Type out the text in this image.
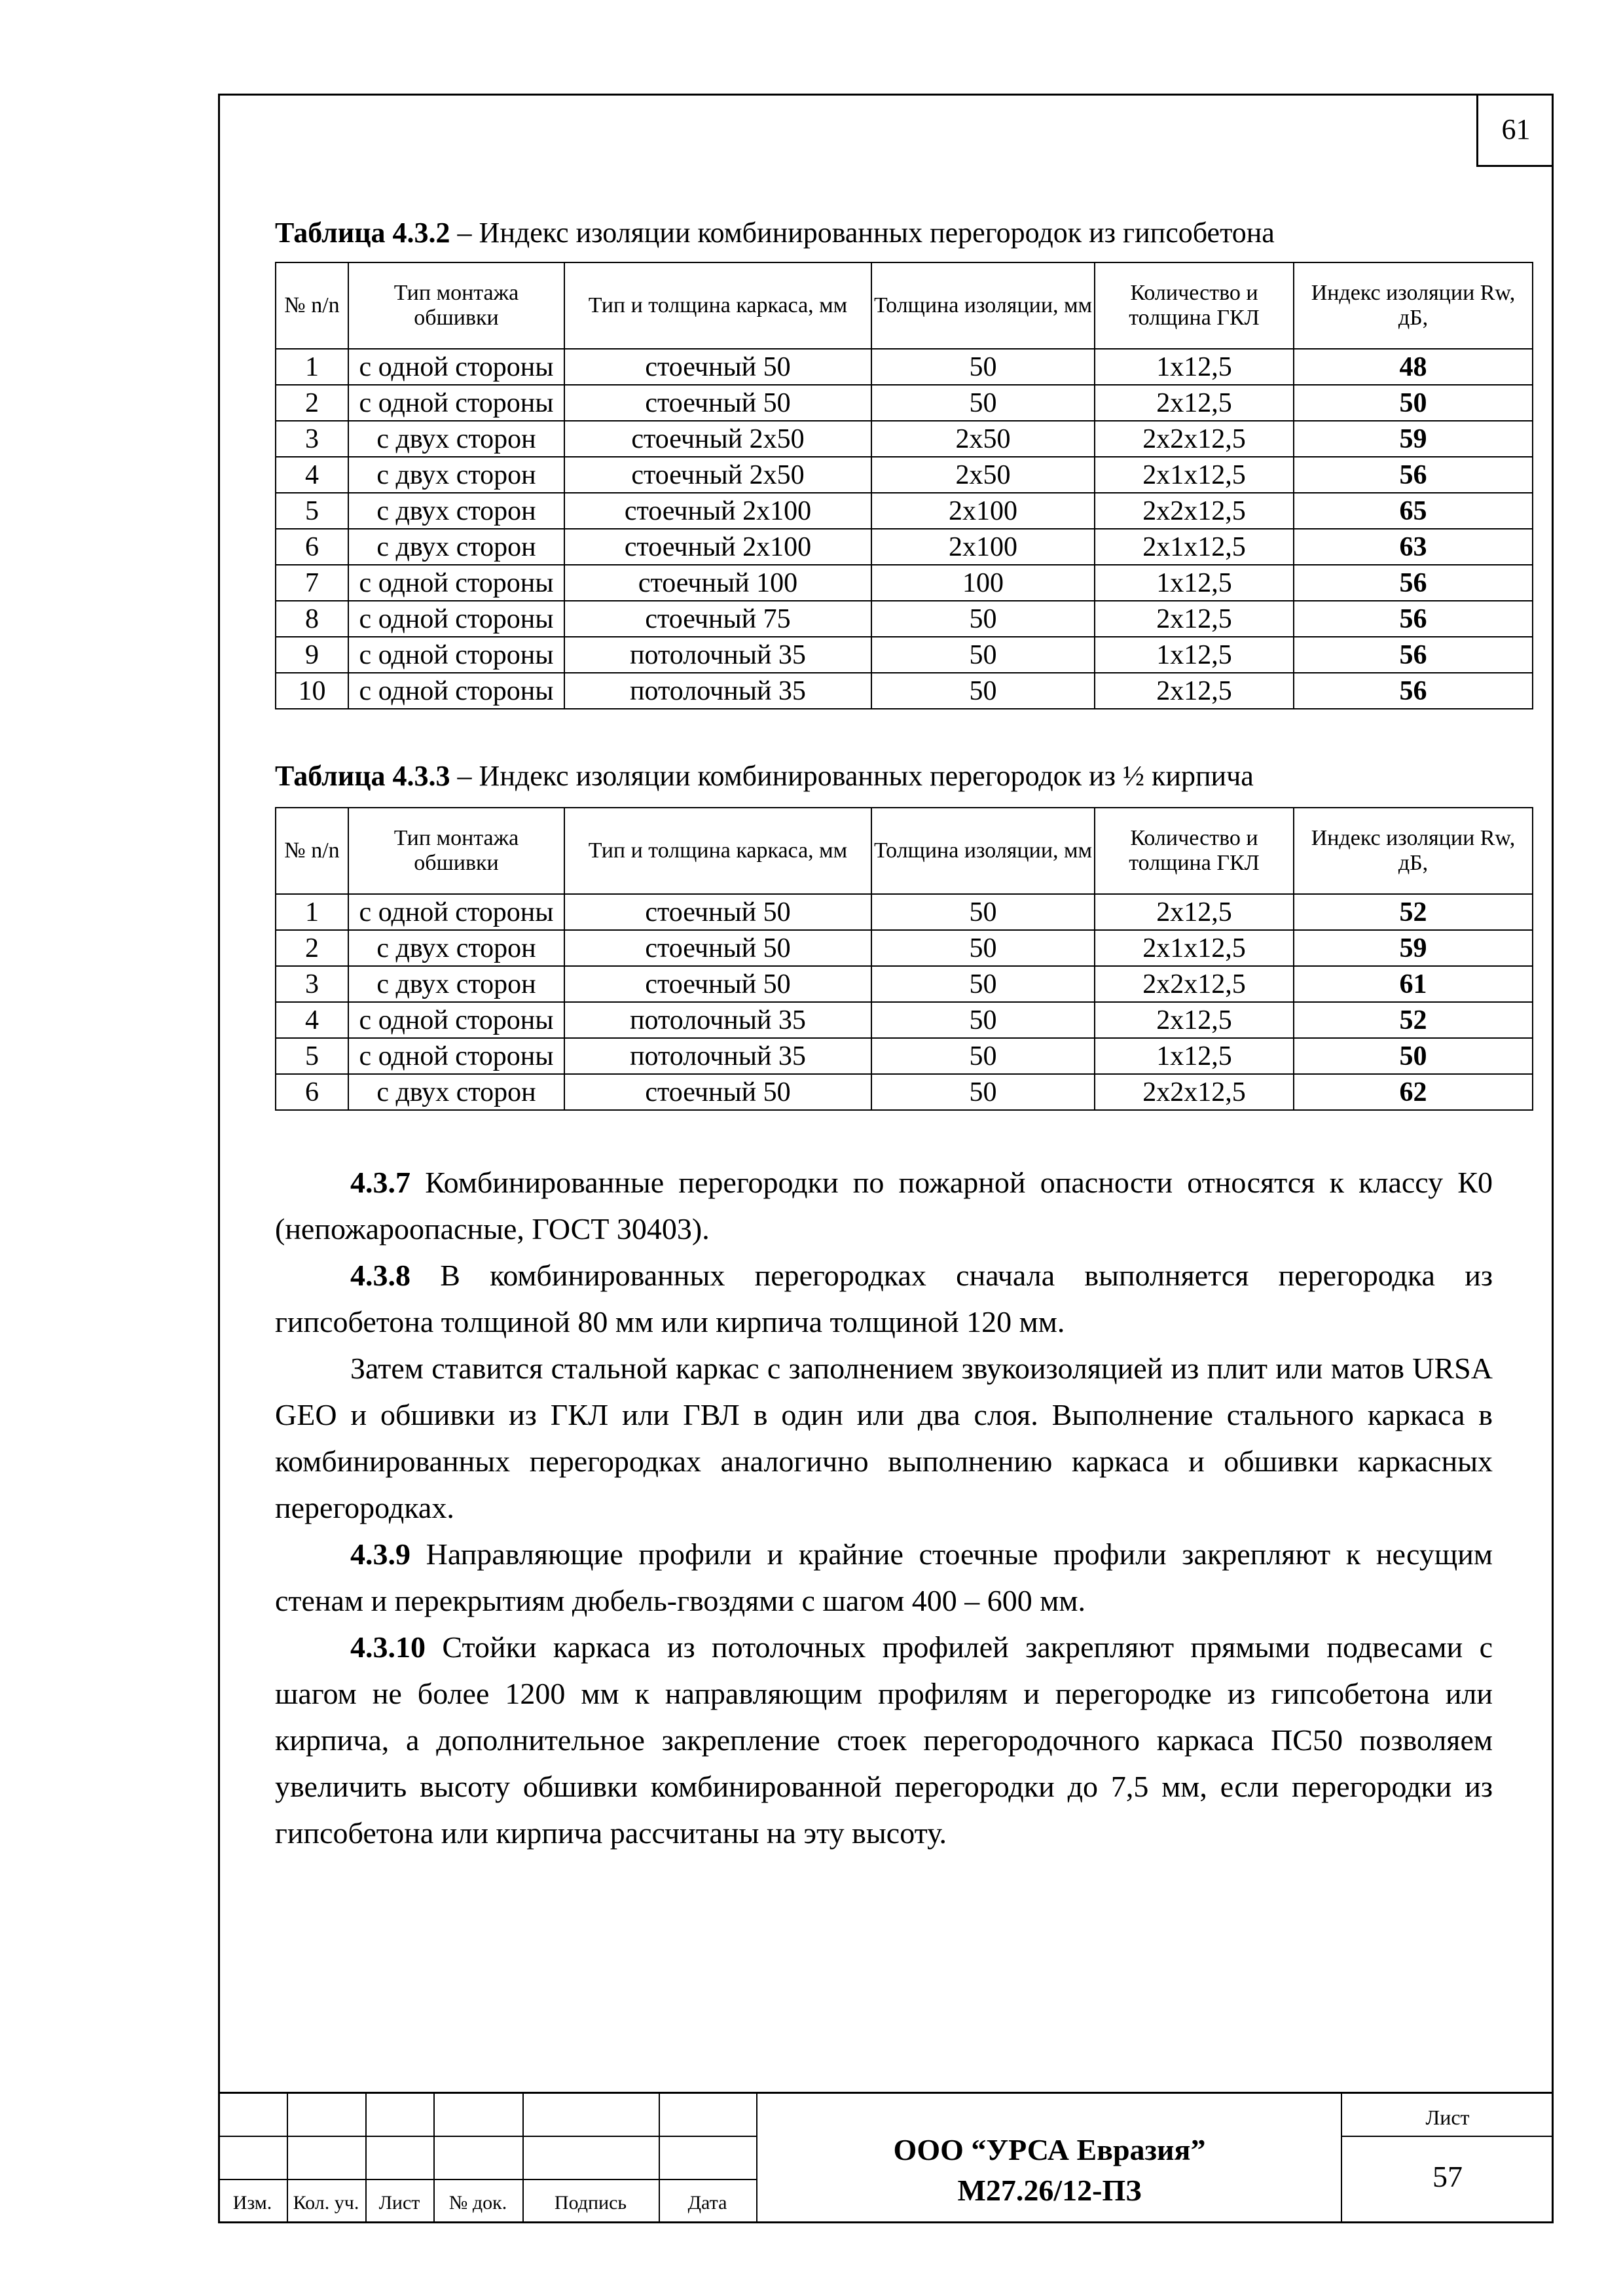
61
Таблица 4.3.2 – Индекс изоляции комбинированных перегородок из гипсобетона
№ n/n	Тип монтажа обшивки	Тип и толщина каркаса, мм	Толщина изоляции, мм	Количество и толщина ГКЛ	Индекс изоляции Rw, дБ,
1	с одной стороны	стоечный 50	50	1х12,5	48
2	с одной стороны	стоечный 50	50	2х12,5	50
3	с двух сторон	стоечный 2х50	2х50	2х2х12,5	59
4	с двух сторон	стоечный 2х50	2х50	2х1х12,5	56
5	с двух сторон	стоечный 2х100	2х100	2х2х12,5	65
6	с двух сторон	стоечный 2х100	2х100	2х1х12,5	63
7	с одной стороны	стоечный 100	100	1х12,5	56
8	с одной стороны	стоечный 75	50	2х12,5	56
9	с одной стороны	потолочный 35	50	1х12,5	56
10	с одной стороны	потолочный 35	50	2х12,5	56
Таблица 4.3.3 – Индекс изоляции комбинированных перегородок из ½ кирпича
№ n/n	Тип монтажа обшивки	Тип и толщина каркаса, мм	Толщина изоляции, мм	Количество и толщина ГКЛ	Индекс изоляции Rw, дБ,
1	с одной стороны	стоечный 50	50	2х12,5	52
2	с двух сторон	стоечный 50	50	2х1х12,5	59
3	с двух сторон	стоечный 50	50	2х2х12,5	61
4	с одной стороны	потолочный 35	50	2х12,5	52
5	с одной стороны	потолочный 35	50	1х12,5	50
6	с двух сторон	стоечный 50	50	2х2х12,5	62
4.3.7 Комбинированные перегородки по пожарной опасности относятся к классу К0 (непожароопасные, ГОСТ 30403).
4.3.8 В комбинированных перегородках сначала выполняется перегородка из гипсобетона толщиной 80 мм или кирпича толщиной 120 мм.
Затем ставится стальной каркас с заполнением звукоизоляцией из плит или матов URSA GEO и обшивки из ГКЛ или ГВЛ в один или два слоя. Выполнение стального каркаса в комбинированных перегородках аналогично выполнению каркаса и обшивки каркасных перегородках.
4.3.9 Направляющие профили и крайние стоечные профили закрепляют к несущим стенам и перекрытиям дюбель-гвоздями с шагом 400 – 600 мм.
4.3.10 Стойки каркаса из потолочных профилей закрепляют прямыми подвесами с шагом не более 1200 мм к направляющим профилям и перегородке из гипсобетона или кирпича, а дополнительное закрепление стоек перегородочного каркаса ПС50 позволяем увеличить высоту обшивки комбинированной перегородки до 7,5 мм, если перегородки из гипсобетона или кирпича рассчитаны на эту высоту.
Изм.	Кол. уч.	Лист	№ док.	Подпись	Дата
ООО “УРСА Евразия”
М27.26/12-ПЗ
Лист
57
